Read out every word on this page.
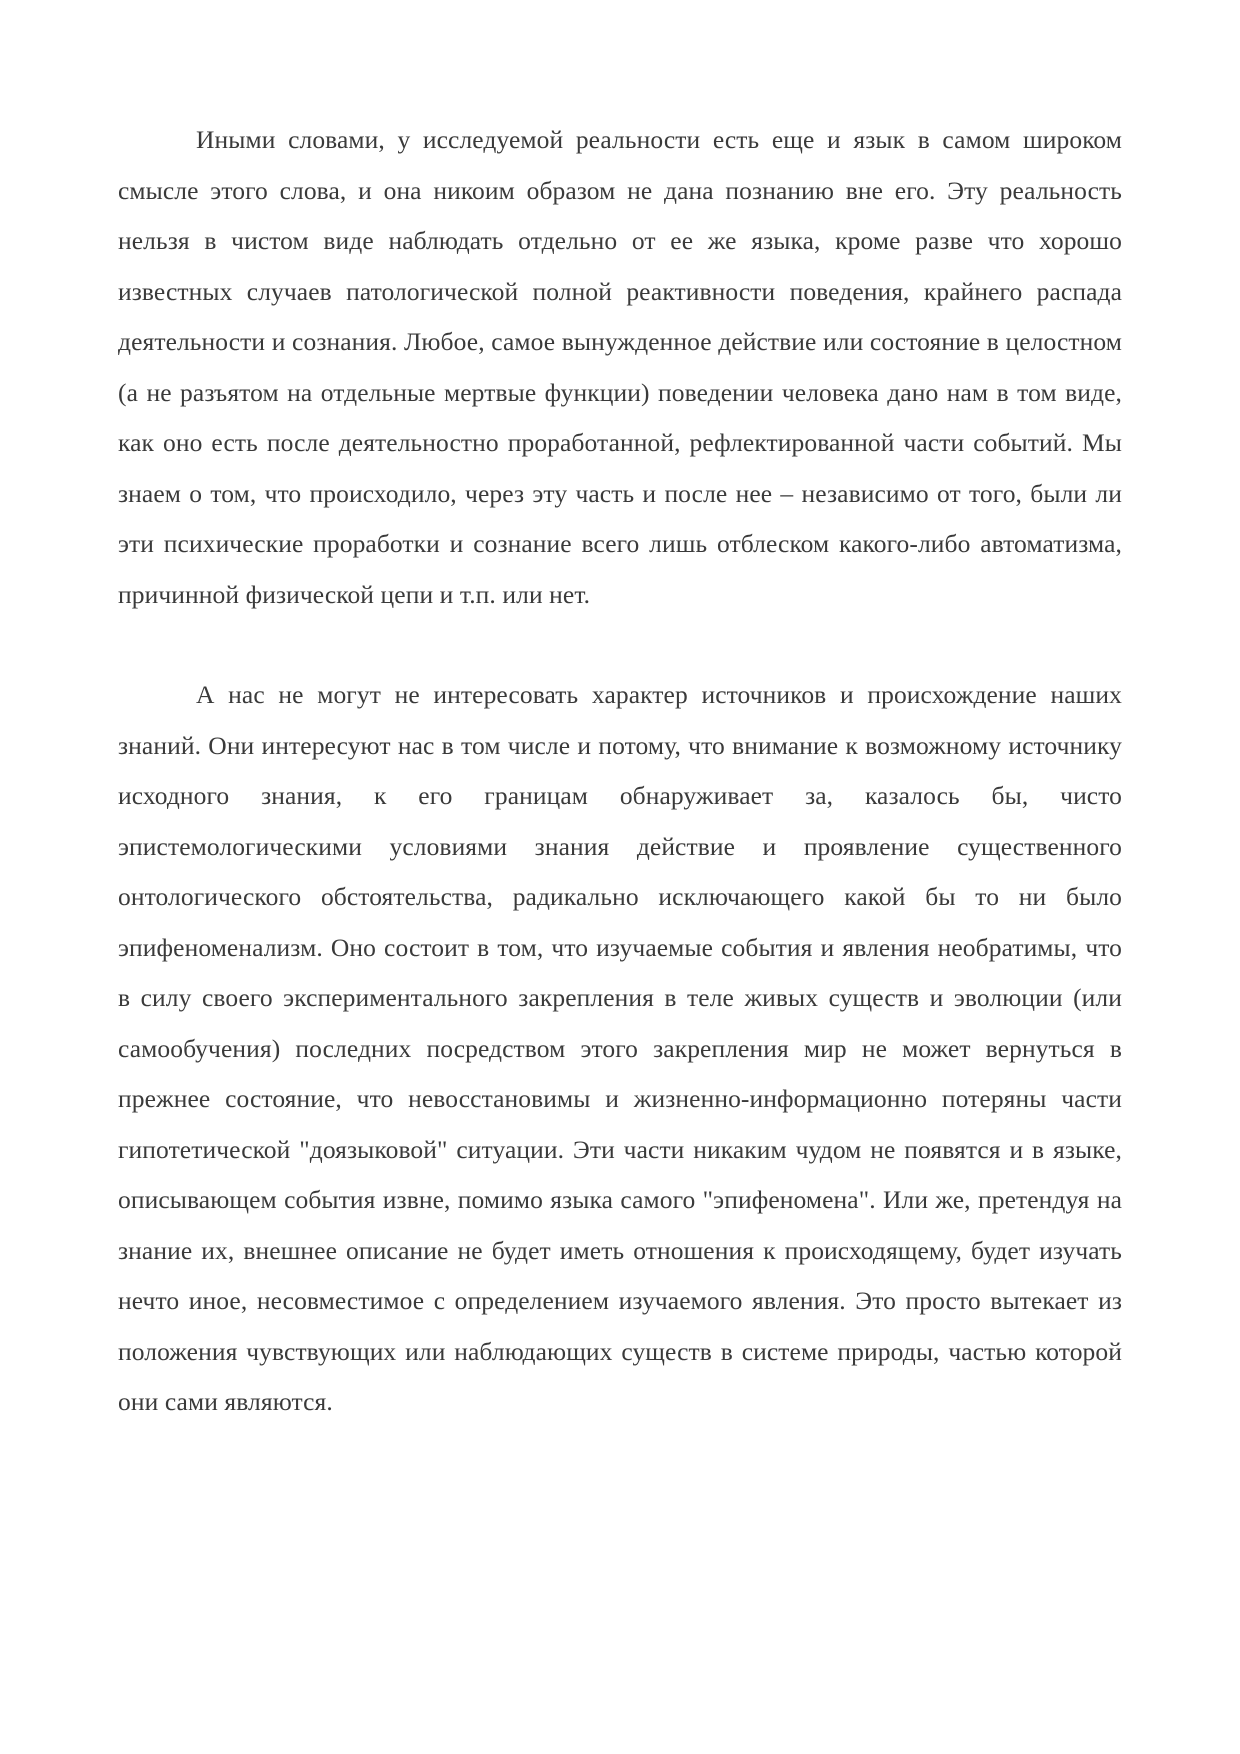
Иными словами, у исследуемой реальности есть еще и язык в самом широком смысле этого слова, и она никоим образом не дана познанию вне его. Эту реальность нельзя в чистом виде наблюдать отдельно от ее же языка, кроме разве что хорошо известных случаев патологической полной реактивности поведения, крайнего распада деятельности и сознания. Любое, самое вынужденное действие или состояние в целостном (а не разъятом на отдельные мертвые функции) поведении человека дано нам в том виде, как оно есть после деятельностно проработанной, рефлектированной части событий. Мы знаем о том, что происходило, через эту часть и после нее – независимо от того, были ли эти психические проработки и сознание всего лишь отблеском какого-либо автоматизма, причинной физической цепи и т.п. или нет.

А нас не могут не интересовать характер источников и происхождение наших знаний. Они интересуют нас в том числе и потому, что внимание к возможному источнику исходного знания, к его границам обнаруживает за, казалось бы, чисто эпистемологическими условиями знания действие и проявление существенного онтологического обстоятельства, радикально исключающего какой бы то ни было эпифеноменализм. Оно состоит в том, что изучаемые события и явления необратимы, что в силу своего экспериментального закрепления в теле живых существ и эволюции (или самообучения) последних посредством этого закрепления мир не может вернуться в прежнее состояние, что невосстановимы и жизненно-информационно потеряны части гипотетической "доязыковой" ситуации. Эти части никаким чудом не появятся и в языке, описывающем события извне, помимо языка самого "эпифеномена". Или же, претендуя на знание их, внешнее описание не будет иметь отношения к происходящему, будет изучать нечто иное, несовместимое с определением изучаемого явления. Это просто вытекает из положения чувствующих или наблюдающих существ в системе природы, частью которой они сами являются.
